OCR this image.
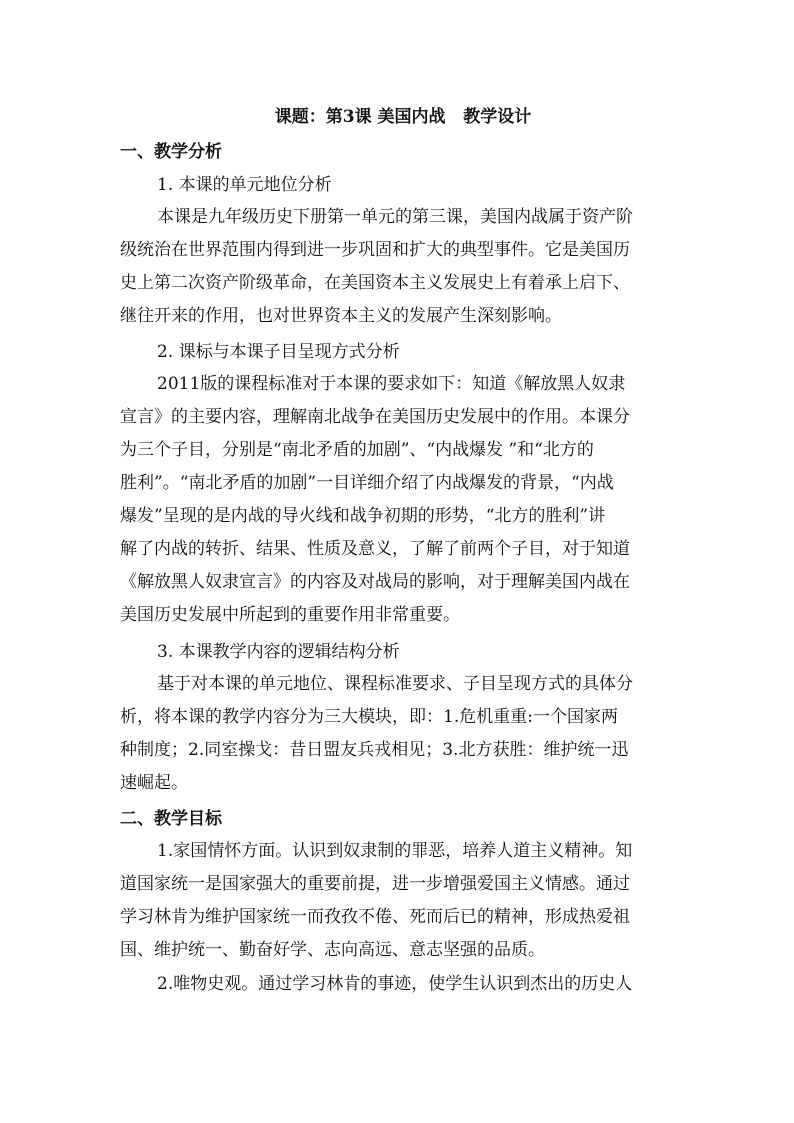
课题：第3课 美国内战   教学设计
一、教学分析
1. 本课的单元地位分析
本课是九年级历史下册第一单元的第三课，美国内战属于资产阶
级统治在世界范围内得到进一步巩固和扩大的典型事件。它是美国历
史上第二次资产阶级革命，在美国资本主义发展史上有着承上启下、
继往开来的作用，也对世界资本主义的发展产生深刻影响。
2. 课标与本课子目呈现方式分析
2011版的课程标准对于本课的要求如下：知道《解放黑人奴隶
宣言》的主要内容，理解南北战争在美国历史发展中的作用。本课分
为三个子目，分别是“南北矛盾的加剧”、“内战爆发 ”和“北方的
胜利”。“南北矛盾的加剧”一目详细介绍了内战爆发的背景，“内战
爆发”呈现的是内战的导火线和战争初期的形势，“北方的胜利”讲
解了内战的转折、结果、性质及意义，了解了前两个子目，对于知道
《解放黑人奴隶宣言》的内容及对战局的影响，对于理解美国内战在
美国历史发展中所起到的重要作用非常重要。
3. 本课教学内容的逻辑结构分析
基于对本课的单元地位、课程标准要求、子目呈现方式的具体分
析，将本课的教学内容分为三大模块，即：1.危机重重:一个国家两
种制度；2.同室操戈：昔日盟友兵戎相见；3.北方获胜：维护统一迅
速崛起。
二、教学目标
1.家国情怀方面。认识到奴隶制的罪恶，培养人道主义精神。知
道国家统一是国家强大的重要前提，进一步增强爱国主义情感。通过
学习林肯为维护国家统一而孜孜不倦、死而后已的精神，形成热爱祖
国、维护统一、勤奋好学、志向高远、意志坚强的品质。
2.唯物史观。通过学习林肯的事迹，使学生认识到杰出的历史人
